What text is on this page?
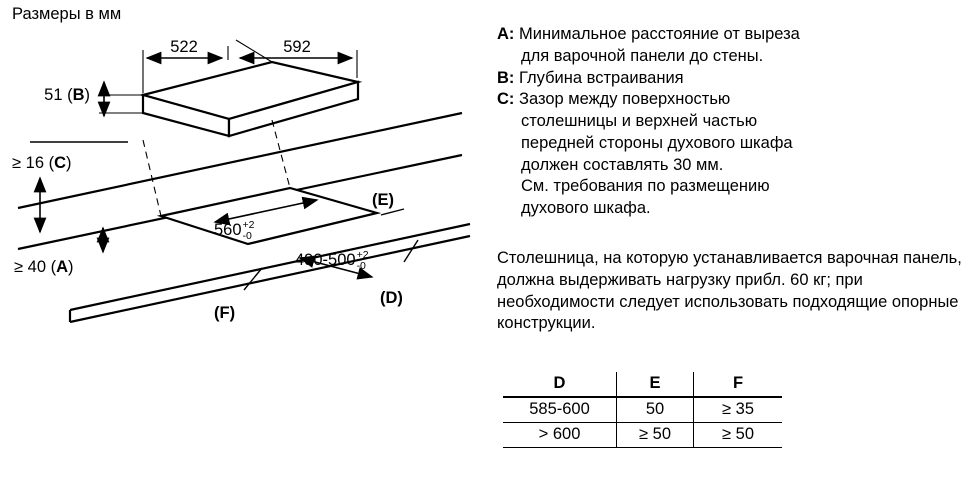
Размеры в мм
522	592
51 (B)
≥ 16 (C)
≥ 40 (A)
(E)
(D)
(F)
560 +2
-0
490-500 +2
-0
A: Минимальное расстояние от выреза
для варочной панели до стены.
B: Глубина встраивания
C: Зазор между поверхностью
столешницы и верхней частью
передней стороны духового шкафа
должен составлять 30 мм.
См. требования по размещению
духового шкафа.
Столешница, на которую устанавливается варочная панель, должна выдерживать нагрузку прибл. 60 кг; при необходимости следует использовать подходящие опорные конструкции.
D	E	F
585-600	50	≥ 35
> 600	≥ 50	≥ 50
